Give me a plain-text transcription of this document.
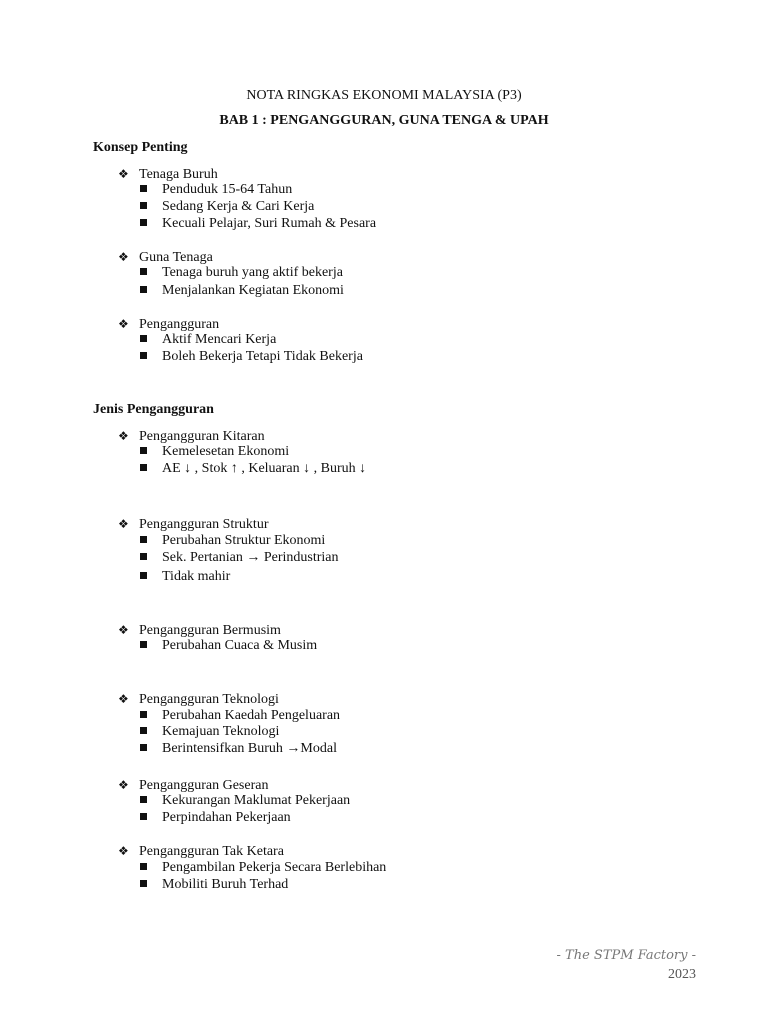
NOTA RINGKAS EKONOMI MALAYSIA (P3)
BAB 1 : PENGANGGURAN, GUNA TENGA & UPAH
Konsep Penting
❖ Tenaga Buruh
Penduduk 15-64 Tahun
Sedang Kerja & Cari Kerja
Kecuali Pelajar, Suri Rumah & Pesara
❖ Guna Tenaga
Tenaga buruh yang aktif bekerja
Menjalankan Kegiatan Ekonomi
❖ Pengangguran
Aktif Mencari Kerja
Boleh Bekerja Tetapi Tidak Bekerja
Jenis Pengangguran
❖ Pengangguran Kitaran
Kemelesetan Ekonomi
AE ↓ , Stok ↑ , Keluaran ↓ , Buruh ↓
❖ Pengangguran Struktur
Perubahan Struktur Ekonomi
Sek. Pertanian → Perindustrian
Tidak mahir
❖ Pengangguran Bermusim
Perubahan Cuaca & Musim
❖ Pengangguran Teknologi
Perubahan Kaedah Pengeluaran
Kemajuan Teknologi
Berintensifkan Buruh →Modal
❖ Pengangguran Geseran
Kekurangan Maklumat Pekerjaan
Perpindahan Pekerjaan
❖ Pengangguran Tak Ketara
Pengambilan Pekerja Secara Berlebihan
Mobiliti Buruh Terhad
- The STPM Factory -
2023
